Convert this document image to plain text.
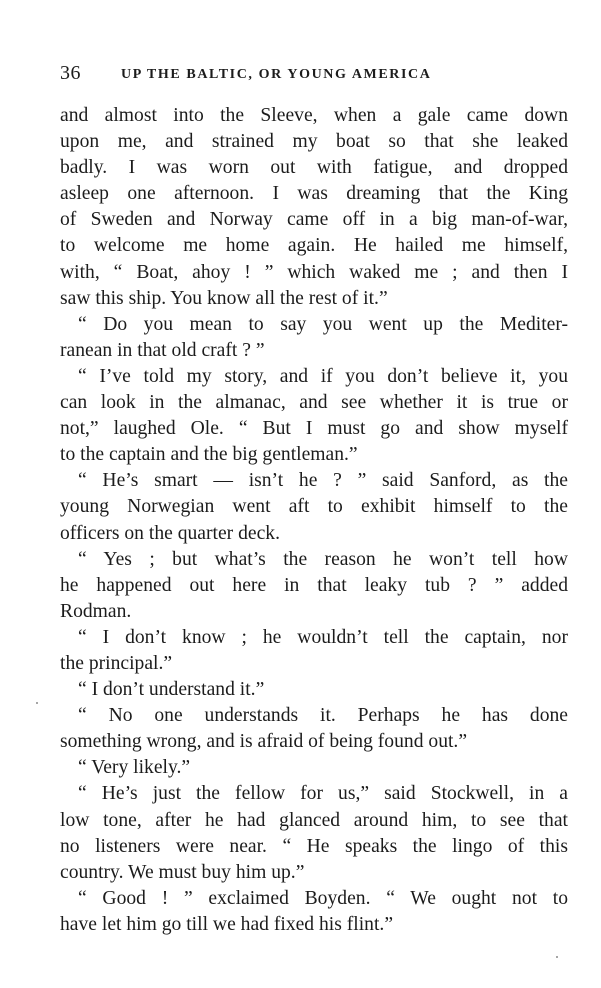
36	UP THE BALTIC, OR YOUNG AMERICA
and almost into the Sleeve, when a gale came down
upon me, and strained my boat so that she leaked
badly. I was worn out with fatigue, and dropped
asleep one afternoon. I was dreaming that the King
of Sweden and Norway came off in a big man-of-war,
to welcome me home again. He hailed me himself,
with, “ Boat, ahoy ! ” which waked me ; and then I
saw this ship. You know all the rest of it.”
“ Do you mean to say you went up the Mediter-
ranean in that old craft ? ”
“ I’ve told my story, and if you don’t believe it, you
can look in the almanac, and see whether it is true or
not,” laughed Ole. “ But I must go and show myself
to the captain and the big gentleman.”
“ He’s smart — isn’t he ? ” said Sanford, as the
young Norwegian went aft to exhibit himself to the
officers on the quarter deck.
“ Yes ; but what’s the reason he won’t tell how
he happened out here in that leaky tub ? ” added
Rodman.
“ I don’t know ; he wouldn’t tell the captain, nor
the principal.”
“ I don’t understand it.”
“ No one understands it. Perhaps he has done
something wrong, and is afraid of being found out.”
“ Very likely.”
“ He’s just the fellow for us,” said Stockwell, in a
low tone, after he had glanced around him, to see that
no listeners were near. “ He speaks the lingo of this
country. We must buy him up.”
“ Good ! ” exclaimed Boyden. “ We ought not to
have let him go till we had fixed his flint.”
